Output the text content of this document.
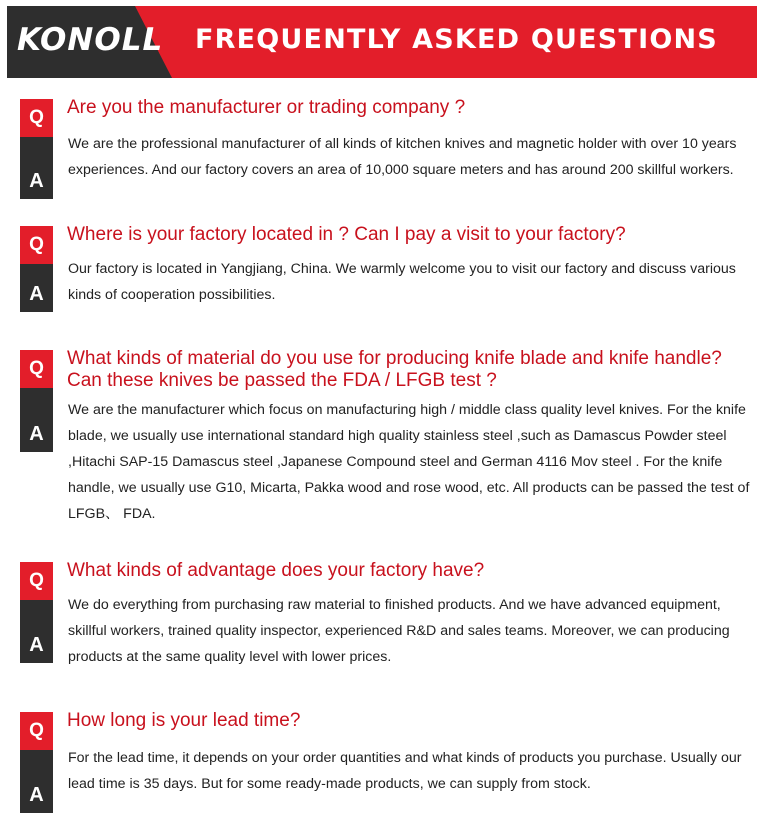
KONOLL FREQUENTLY ASKED QUESTIONS
Q
A
Are you the manufacturer or trading company ?
We are the professional manufacturer of all kinds of kitchen knives and magnetic holder with over 10 years experiences. And our factory covers an area of 10,000 square meters and has around 200 skillful workers.
Q
A
Where is your factory located in ? Can I pay a visit to your factory?
Our factory is located in Yangjiang, China. We warmly welcome you to visit our factory and discuss various kinds of cooperation possibilities.
Q
A
What kinds of material do you use for producing knife blade and knife handle? Can these knives be passed the FDA / LFGB test ?
We are the manufacturer which focus on manufacturing high / middle class quality level knives. For the knife blade, we usually use international standard high quality stainless steel ,such as Damascus Powder steel ,Hitachi SAP-15 Damascus steel ,Japanese Compound steel and German 4116 Mov steel . For the knife handle, we usually use G10, Micarta, Pakka wood and rose wood, etc. All products can be passed the test of LFGB、 FDA.
Q
A
What kinds of advantage does your factory have?
We do everything from purchasing raw material to finished products. And we have advanced equipment, skillful workers, trained quality inspector, experienced R&D and sales teams. Moreover, we can producing products at the same quality level with lower prices.
Q
A
How long is your lead time?
For the lead time, it depends on your order quantities and what kinds of products you purchase. Usually our lead time is 35 days. But for some ready-made products, we can supply from stock.
